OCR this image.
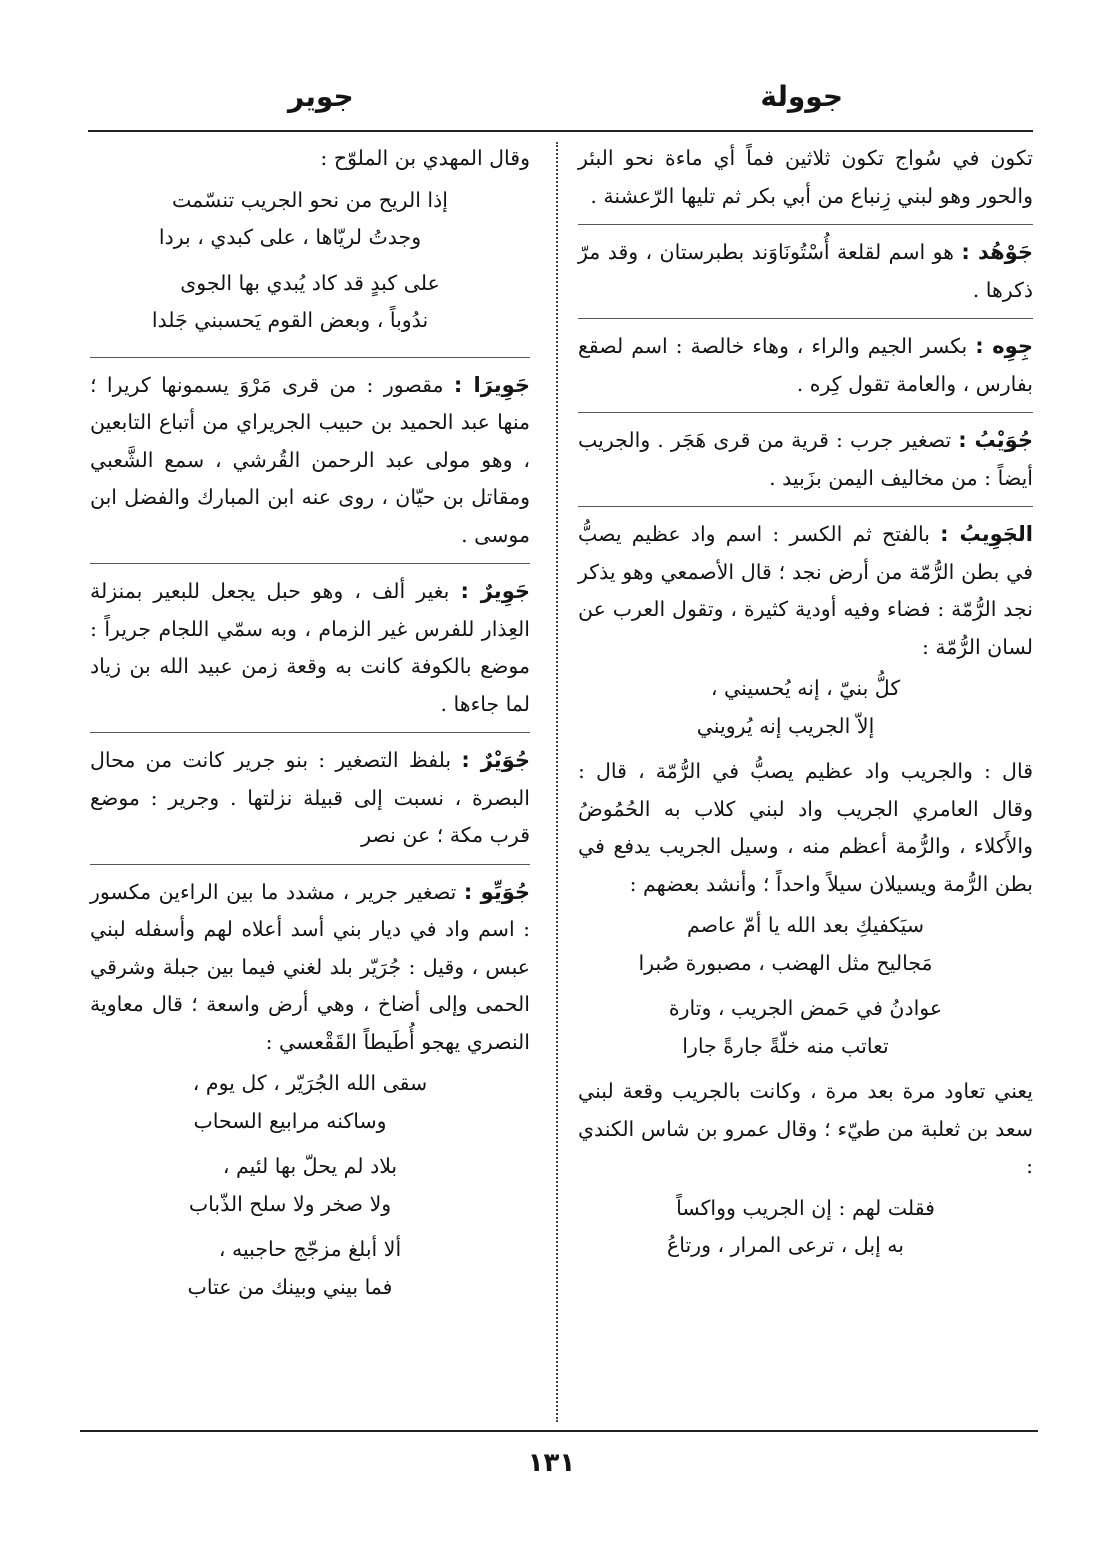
جوولة
جوير

تكون في سُواج تكون ثلاثين فماً أي ماءة نحو البئر والحور وهو لبني زِنباع من أبي بكر ثم تليها الرّعشنة .

جَوْهُد : هو اسم لقلعة أُسْتُونَاوَند بطبرستان ، وقد مرّ ذكرها .

جِوِه : بكسر الجيم والراء ، وهاء خالصة : اسم لصقع بفارس ، والعامة تقول كِره .

جُوَيْبُ : تصغير جرب : قرية من قرى هَجَر . والجريب أيضاً : من مخاليف اليمن بزَبيد .

الجَوِيبُ : بالفتح ثم الكسر : اسم واد عظيم يصبُّ في بطن الرُّمّة من أرض نجد ؛ قال الأصمعي وهو يذكر نجد الرُّمّة : فضاء وفيه أودية كثيرة ، وتقول العرب عن لسان الرُّمّة :

كلُّ بنيّ ، إنه يُحسيني ،
إلاّ الجريب إنه يُرويني

قال : والجريب واد عظيم يصبُّ في الرُّمّة ، قال : وقال العامري الجريب واد لبني كلاب به الحُمُوضُ والأَكلاء ، والرُّمة أعظم منه ، وسيل الجريب يدفع في بطن الرُّمة ويسيلان سيلاً واحداً ؛ وأنشد بعضهم :

سيَكفيكِ بعد الله يا أمّ عاصم
مَجاليح مثل الهضب ، مصبورة صُبرا
عوادنُ في حَمض الجريب ، وتارة
تعاتب منه خلّةً جارةً جارا

يعني تعاود مرة بعد مرة ، وكانت بالجريب وقعة لبني سعد بن ثعلبة من طيّء ؛ وقال عمرو بن شاس الكندي :

فقلت لهم : إن الجريب وواكساً
به إبل ، ترعى المرار ، ورتاعُ

وقال المهدي بن الملوّح :

إذا الريح من نحو الجريب تنسّمت
وجدتُ لريّاها ، على كبدي ، بردا
على كبدٍ قد كاد يُبدي بها الجوى
ندُوباً ، وبعض القوم يَحسبني جَلدا

جَوِيرَا : مقصور : من قرى مَرْوَ يسمونها كريرا ؛ منها عبد الحميد بن حبيب الجريراي من أتباع التابعين ، وهو مولى عبد الرحمن القُرشي ، سمع الشَّعبي ومقاتل بن حيّان ، روى عنه ابن المبارك والفضل ابن موسى .

جَوِيرٌ : بغير ألف ، وهو حبل يجعل للبعير بمنزلة العِذار للفرس غير الزمام ، وبه سمّي اللجام جريراً : موضع بالكوفة كانت به وقعة زمن عبيد الله بن زياد لما جاءها .

جُوَيْرٌ : بلفظ التصغير : بنو جرير كانت من محال البصرة ، نسبت إلى قبيلة نزلتها . وجرير : موضع قرب مكة ؛ عن نصر

جُوَيِّو : تصغير جرير ، مشدد ما بين الراءين مكسور : اسم واد في ديار بني أسد أعلاه لهم وأسفله لبني عبس ، وقيل : جُرَيّر بلد لغني فيما بين جبلة وشرقي الحمى وإلى أضاخ ، وهي أرض واسعة ؛ قال معاوية النصري يهجو أُطَيطاً القَقْعسي :

سقى الله الجُرَيّر ، كل يوم ،
وساكنه مرابيع السحاب
بلاد لم يحلّ بها لئيم ،
ولا صخر ولا سلح الذّباب
ألا أبلغ مزجّج حاجبيه ،
فما بيني وبينك من عتاب
١٣١
